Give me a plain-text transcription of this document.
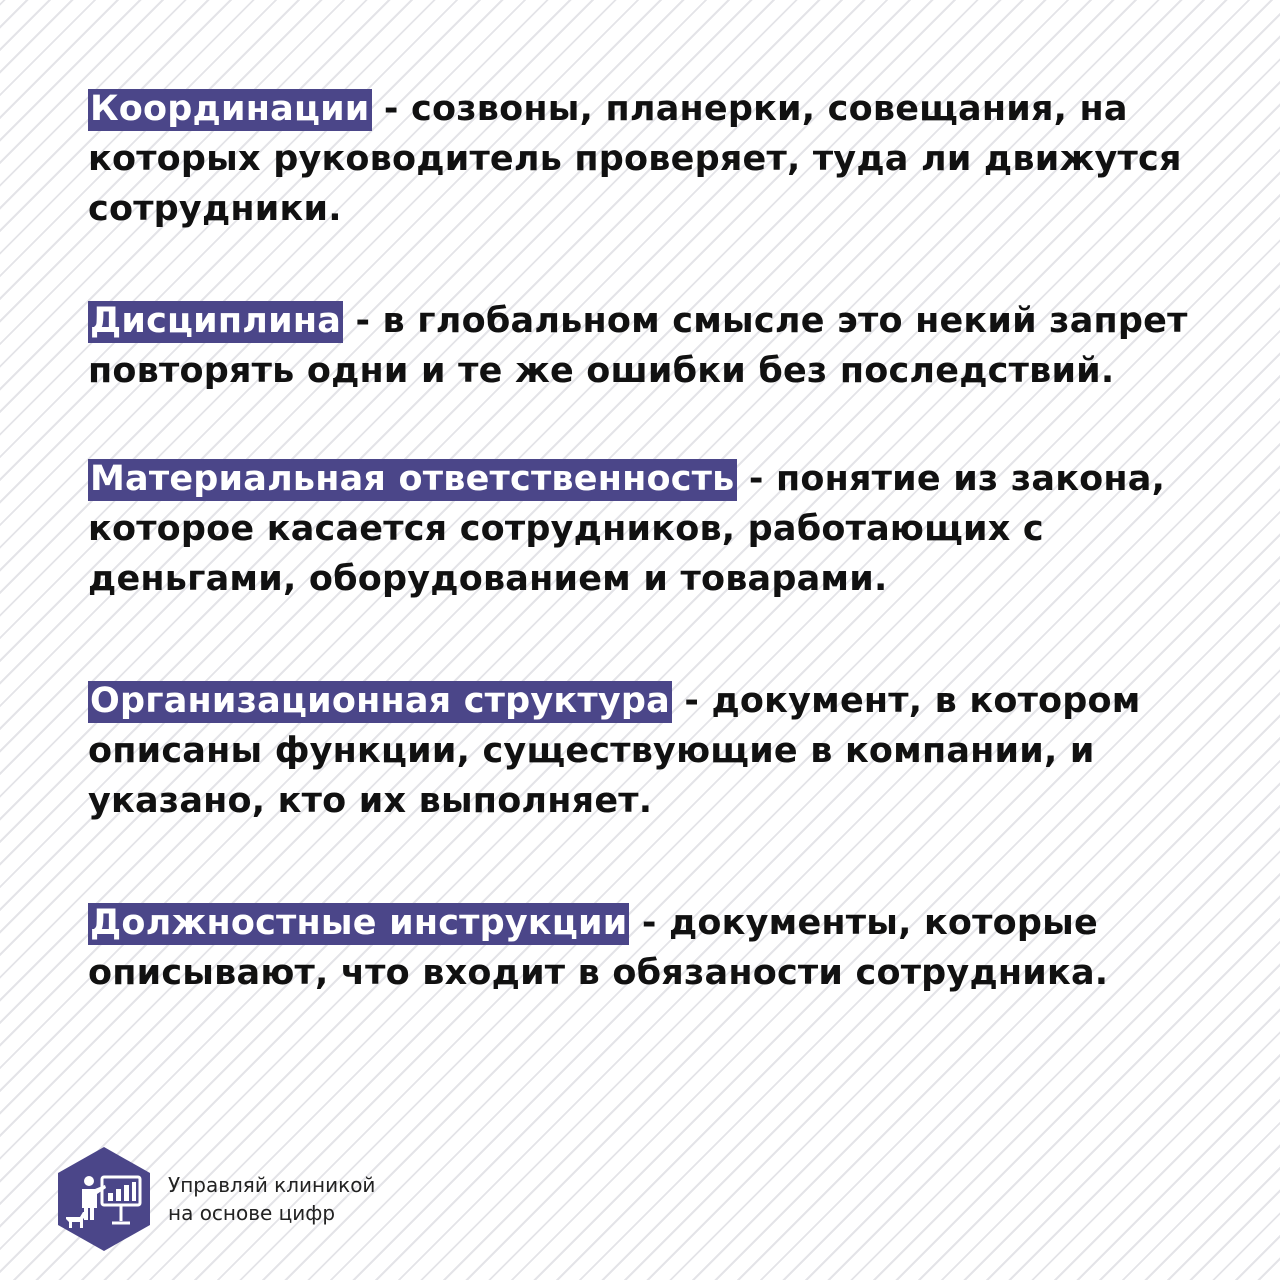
Координации - созвоны, планерки, совещания, на которых руководитель проверяет, туда ли движутся сотрудники.

Дисциплина - в глобальном смысле это некий запрет повторять одни и те же ошибки без последствий.

Материальная ответственность - понятие из закона, которое касается сотрудников, работающих с деньгами, оборудованием и товарами.

Организационная структура - документ, в котором описаны функции, существующие в компании, и указано, кто их выполняет.

Должностные инструкции - документы, которые описывают, что входит в обязаности сотрудника.

Управляй клиникой
на основе цифр
